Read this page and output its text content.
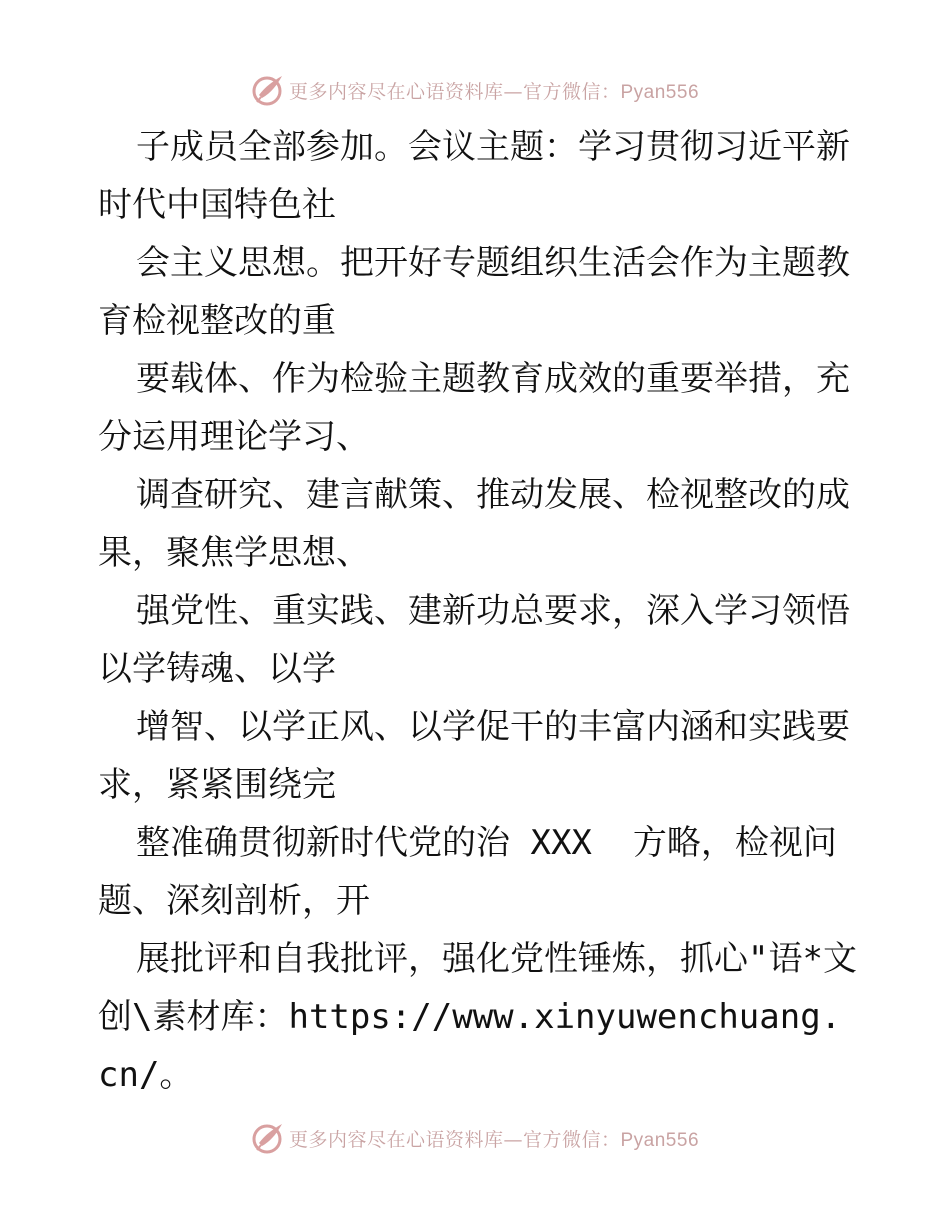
更多内容尽在心语资料库—官方微信：Pyan556

子成员全部参加。会议主题：学习贯彻习近平新
时代中国特色社

会主义思想。把开好专题组织生活会作为主题教
育检视整改的重

要载体、作为检验主题教育成效的重要举措，充
分运用理论学习、

调查研究、建言献策、推动发展、检视整改的成
果，聚焦学思想、

强党性、重实践、建新功总要求，深入学习领悟
以学铸魂、以学

增智、以学正风、以学促干的丰富内涵和实践要
求，紧紧围绕完

整准确贯彻新时代党的治 XXX  方略，检视问
题、深刻剖析，开

展批评和自我批评，强化党性锤炼，抓心"语*文
创\素材库：https://www.xinyuwenchuang.cn/。

更多内容尽在心语资料库—官方微信：Pyan556
